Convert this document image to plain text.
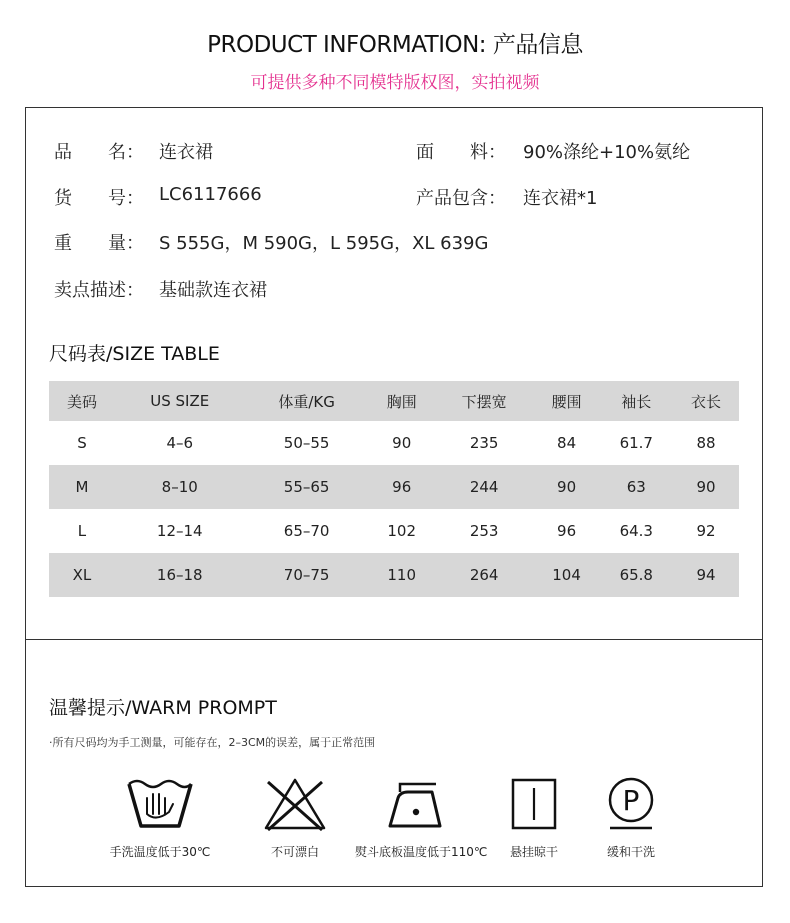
PRODUCT INFORMATION: 产品信息
可提供多种不同模特版权图，实拍视频
品　　名： 连衣裙	面　　料： 90%涤纶+10%氨纶
货　　号： LC6117666	产品包含： 连衣裙*1
重　　量： S 555G，M 590G，L 595G，XL 639G
卖点描述： 基础款连衣裙
尺码表/SIZE TABLE
美码	US SIZE	体重/KG	胸围	下摆宽	腰围	袖长	衣长
S	4–6	50–55	90	235	84	61.7	88
M	8–10	55–65	96	244	90	63	90
L	12–14	65–70	102	253	96	64.3	92
XL	16–18	70–75	110	264	104	65.8	94
温馨提示/WARM PROMPT
·所有尺码均为手工测量，可能存在，2–3CM的误差，属于正常范围
手洗温度低于30℃	不可漂白	熨斗底板温度低于110℃	悬挂晾干
P
缓和干洗
